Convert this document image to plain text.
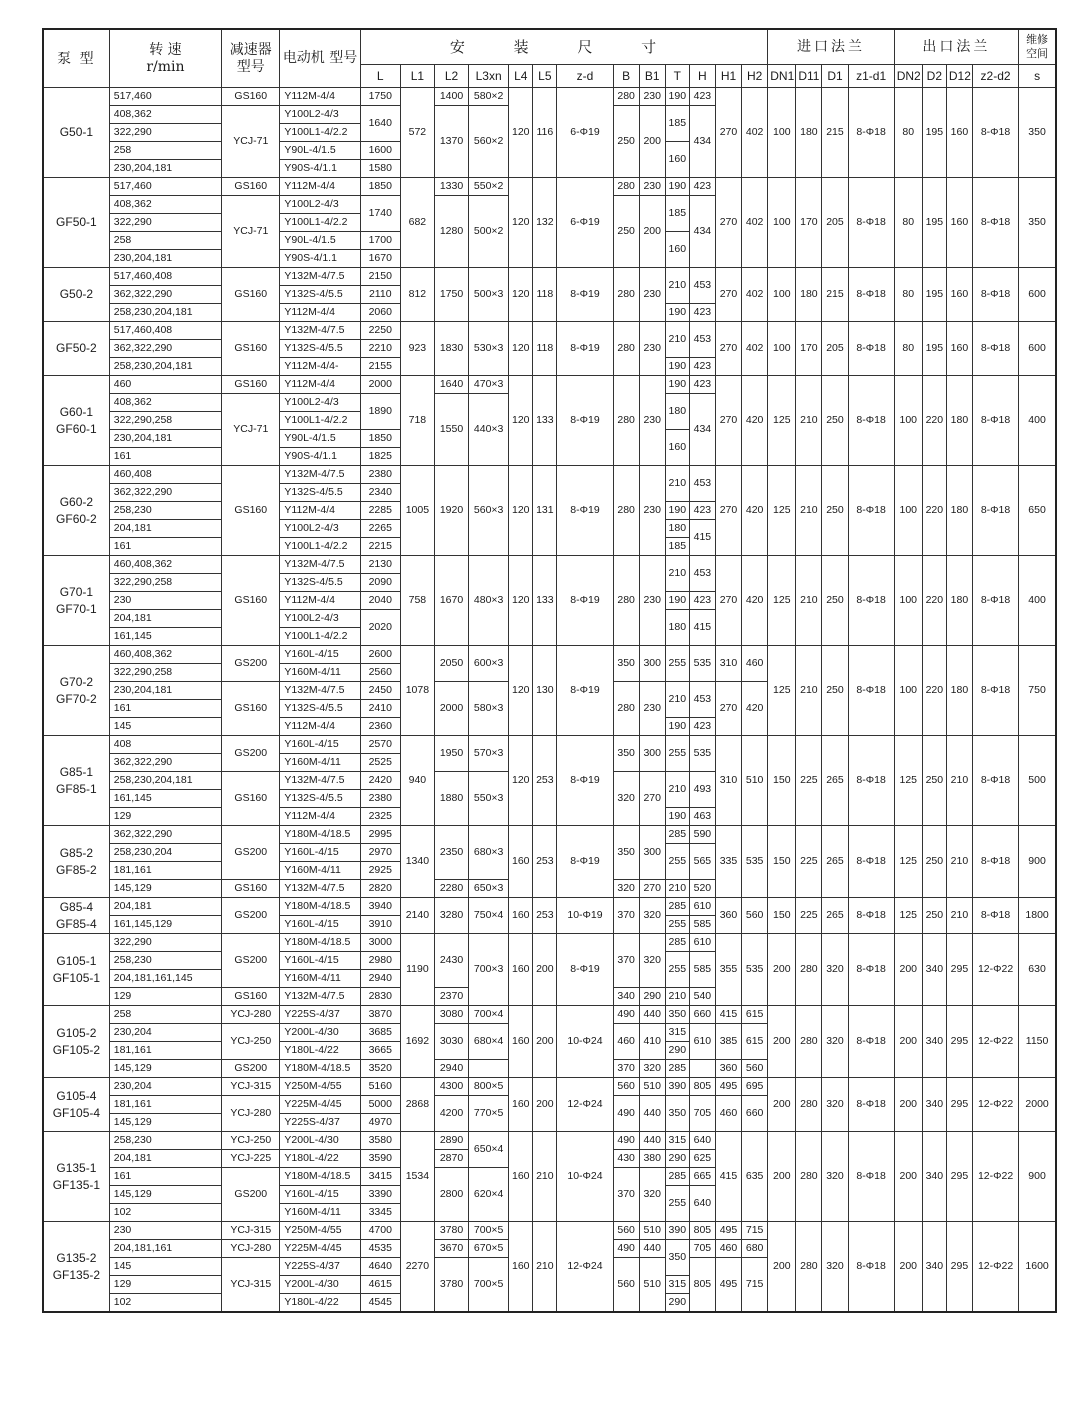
泵 型	转 速
r/min	减速器 型号	电动机 型号	安 装 尺 寸													进口法兰				出口法兰				维修 空间
				L	L1	L2	L3xn	L4	L5	z-d	B	B1	T	H	H1	H2	DN1	D11	D1	z1-d1	DN2	D2	D12	z2-d2	s

G50-1	517,460	GS160	Y112M-4/4	1750	572	1400	580×2	120	116	6-Φ19	280	230	190	423	270	402	100	180	215	8-Φ18	80	195	160	8-Φ18	350
	408,362	YCJ-71	Y100L2-4/3	1640		1370	560×2				250	200	185	434											
	322,290		Y100L1-4/2.2																						
	258		Y90L-4/1.5	1600									160												
	230,204,181		Y90S-4/1.1	1580																					

GF50-1	517,460	GS160	Y112M-4/4	1850	682	1330	550×2	120	132	6-Φ19	280	230	190	423	270	402	100	170	205	8-Φ18	80	195	160	8-Φ18	350
	408,362	YCJ-71	Y100L2-4/3	1740		1280	500×2				250	200	185	434											
	322,290		Y100L1-4/2.2																						
	258		Y90L-4/1.5	1700									160												
	230,204,181		Y90S-4/1.1	1670																					

G50-2	517,460,408	GS160	Y132M-4/7.5	2150	812	1750	500×3	120	118	8-Φ19	280	230	210	453	270	402	100	180	215	8-Φ18	80	195	160	8-Φ18	600
	362,322,290		Y132S-4/5.5	2110																					
	258,230,204,181		Y112M-4/4	2060									190	423											

GF50-2	517,460,408	GS160	Y132M-4/7.5	2250	923	1830	530×3	120	118	8-Φ19	280	230	210	453	270	402	100	170	205	8-Φ18	80	195	160	8-Φ18	600
	362,322,290		Y132S-4/5.5	2210																					
	258,230,204,181		Y112M-4/4-	2155									190	423											

G60-1
GF60-1	460	GS160	Y112M-4/4	2000	718	1640	470×3	120	133	8-Φ19	280	230	190	423	270	420	125	210	250	8-Φ18	100	220	180	8-Φ18	400
	408,362	YCJ-71	Y100L2-4/3	1890		1550	440×3						180	434											
	322,290,258		Y100L1-4/2.2																						
	230,204,181		Y90L-4/1.5	1850									160												
	161		Y90S-4/1.1	1825																					

G60-2
GF60-2	460,408	GS160	Y132M-4/7.5	2380	1005	1920	560×3	120	131	8-Φ19	280	230	210	453	270	420	125	210	250	8-Φ18	100	220	180	8-Φ18	650
	362,322,290		Y132S-4/5.5	2340																					
	258,230		Y112M-4/4	2285									190	423											
	204,181		Y100L2-4/3	2265									180	415											
	161		Y100L1-4/2.2	2215									185												

G70-1
GF70-1	460,408,362	GS160	Y132M-4/7.5	2130	758	1670	480×3	120	133	8-Φ19	280	230	210	453	270	420	125	210	250	8-Φ18	100	220	180	8-Φ18	400
	322,290,258		Y132S-4/5.5	2090																					
	230		Y112M-4/4	2040									190	423											
	204,181		Y100L2-4/3	2020									180	415											
	161,145		Y100L1-4/2.2																						

G70-2
GF70-2	460,408,362	GS200	Y160L-4/15	2600	1078	2050	600×3	120	130	8-Φ19	350	300	255	535	310	460	125	210	250	8-Φ18	100	220	180	8-Φ18	750
	322,290,258		Y160M-4/11	2560																					
	230,204,181	GS160	Y132M-4/7.5	2450		2000	580×3				280	230	210	453	270	420									
	161		Y132S-4/5.5	2410																					
	145		Y112M-4/4	2360									190	423											

G85-1
GF85-1	408	GS200	Y160L-4/15	2570	940	1950	570×3	120	253	8-Φ19	350	300	255	535	310	510	150	225	265	8-Φ18	125	250	210	8-Φ18	500
	362,322,290		Y160M-4/11	2525																					
	258,230,204,181	GS160	Y132M-4/7.5	2420		1880	550×3				320	270	210	493											
	161,145		Y132S-4/5.5	2380																					
	129		Y112M-4/4	2325									190	463											

G85-2
GF85-2	362,322,290	GS200	Y180M-4/18.5	2995	1340	2350	680×3	160	253	8-Φ19	350	300	285	590	335	535	150	225	265	8-Φ18	125	250	210	8-Φ18	900
	258,230,204		Y160L-4/15	2970									255	565											
	181,161		Y160M-4/11	2925																					
	145,129	GS160	Y132M-4/7.5	2820		2280	650×3				320	270	210	520											

G85-4
GF85-4	204,181	GS200	Y180M-4/18.5	3940	2140	3280	750×4	160	253	10-Φ19	370	320	285	610	360	560	150	225	265	8-Φ18	125	250	210	8-Φ18	1800
	161,145,129		Y160L-4/15	3910									255	585											

G105-1
GF105-1	322,290	GS200	Y180M-4/18.5	3000	1190	2430	700×3	160	200	8-Φ19	370	320	285	610	355	535	200	280	320	8-Φ18	200	340	295	12-Φ22	630
	258,230		Y160L-4/15	2980									255	585											
	204,181,161,145		Y160M-4/11	2940																					
	129	GS160	Y132M-4/7.5	2830		2370					340	290	210	540											

G105-2
GF105-2	258	YCJ-280	Y225S-4/37	3870	1692	3080	700×4	160	200	10-Φ24	490	440	350	660	415	615	200	280	320	8-Φ18	200	340	295	12-Φ22	1150
	230,204	YCJ-250	Y200L-4/30	3685		3030	680×4				460	410	315	610	385	615									
	181,161		Y180L-4/22	3665									290												
	145,129	GS200	Y180M-4/18.5	3520		2940					370	320	285		360	560									

G105-4
GF105-4	230,204	YCJ-315	Y250M-4/55	5160	2868	4300	800×5	160	200	12-Φ24	560	510	390	805	495	695	200	280	320	8-Φ18	200	340	295	12-Φ22	2000
	181,161	YCJ-280	Y225M-4/45	5000		4200	770×5				490	440	350	705	460	660									
	145,129		Y225S-4/37	4970																					

G135-1
GF135-1	258,230	YCJ-250	Y200L-4/30	3580	1534	2890	650×4	160	210	10-Φ24	490	440	315	640	415	635	200	280	320	8-Φ18	200	340	295	12-Φ22	900
	204,181	YCJ-225	Y180L-4/22	3590		2870					430	380	290	625											
	161	GS200	Y180M-4/18.5	3415		2800	620×4				370	320	285	665											
	145,129		Y160L-4/15	3390									255	640											
	102		Y160M-4/11	3345																					

G135-2
GF135-2	230	YCJ-315	Y250M-4/55	4700	2270	3780	700×5	160	210	12-Φ24	560	510	390	805	495	715	200	280	320	8-Φ18	200	340	295	12-Φ22	1600
	204,181,161	YCJ-280	Y225M-4/45	4535		3670	670×5				490	440	350	705	460	680									
	145	YCJ-315	Y225S-4/37	4640		3780	700×5				560	510		805	495	715									
	129		Y200L-4/30	4615									315												
	102		Y180L-4/22	4545									290												
